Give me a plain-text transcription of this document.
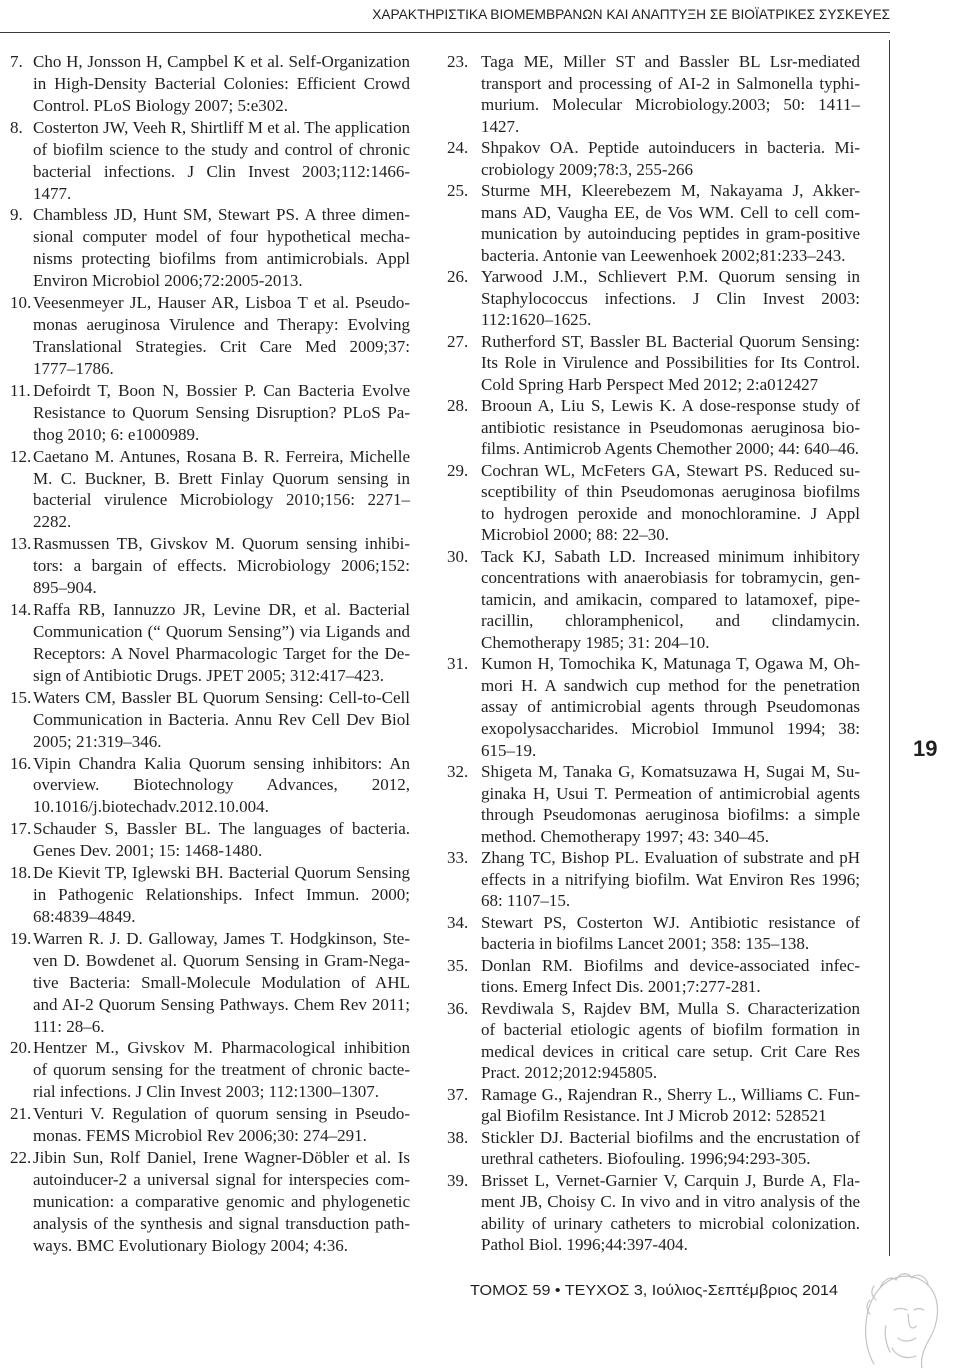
ΧΑΡΑΚΤΗΡΙΣΤΙΚΑ ΒΙΟΜΕΜΒΡΑΝΩΝ ΚΑΙ ΑΝΑΠΤΥΞΗ ΣΕ ΒΙΟΪΑΤΡΙΚΕΣ ΣΥΣΚΕΥΕΣ
7. Cho H, Jonsson H, Campbel K et al. Self-Organization
in High-Density Bacterial Colonies: Efficient Crowd
Control. PLoS Biology 2007; 5:e302.
8. Costerton JW, Veeh R, Shirtliff M et al. The application
of biofilm science to the study and control of chronic
bacterial infections. J Clin Invest 2003;112:1466-
1477.
9. Chambless JD, Hunt SM, Stewart PS. A three dimen-
sional computer model of four hypothetical mecha-
nisms protecting biofilms from antimicrobials. Appl
Environ Microbiol 2006;72:2005-2013.
10. Veesenmeyer JL, Hauser AR, Lisboa T et al. Pseudo-
monas aeruginosa Virulence and Therapy: Evolving
Translational Strategies. Crit Care Med 2009;37:
1777–1786.
11. Defoirdt T, Boon N, Bossier P. Can Bacteria Evolve
Resistance to Quorum Sensing Disruption? PLoS Pa-
thog 2010; 6: e1000989.
12. Caetano M. Antunes, Rosana B. R. Ferreira, Michelle
M. C. Buckner, B. Brett Finlay Quorum sensing in
bacterial virulence Microbiology 2010;156: 2271–
2282.
13. Rasmussen TB, Givskov M. Quorum sensing inhibi-
tors: a bargain of effects. Microbiology 2006;152:
895–904.
14. Raffa RB, Iannuzzo JR, Levine DR, et al. Bacterial
Communication (“ Quorum Sensing”) via Ligands and
Receptors: A Novel Pharmacologic Target for the De-
sign of Antibiotic Drugs. JPET 2005; 312:417–423.
15. Waters CM, Bassler BL Quorum Sensing: Cell-to-Cell
Communication in Bacteria. Annu Rev Cell Dev Biol
2005; 21:319–346.
16. Vipin Chandra Kalia Quorum sensing inhibitors: An
overview. Biotechnology Advances, 2012,
10.1016/j.biotechadv.2012.10.004.
17. Schauder S, Bassler BL. The languages of bacteria.
Genes Dev. 2001; 15: 1468-1480.
18. De Kievit TP, Iglewski BH. Bacterial Quorum Sensing
in Pathogenic Relationships. Infect Immun. 2000;
68:4839–4849.
19. Warren R. J. D. Galloway, James T. Hodgkinson, Ste-
ven D. Bowdenet al. Quorum Sensing in Gram-Nega-
tive Bacteria: Small-Molecule Modulation of AHL
and AI-2 Quorum Sensing Pathways. Chem Rev 2011;
111: 28–6.
20. Hentzer M., Givskov M. Pharmacological inhibition
of quorum sensing for the treatment of chronic bacte-
rial infections. J Clin Invest 2003; 112:1300–1307.
21. Venturi V. Regulation of quorum sensing in Pseudo-
monas. FEMS Microbiol Rev 2006;30: 274–291.
22. Jibin Sun, Rolf Daniel, Irene Wagner-Döbler et al. Is
autoinducer-2 a universal signal for interspecies com-
munication: a comparative genomic and phylogenetic
analysis of the synthesis and signal transduction path-
ways. BMC Evolutionary Biology 2004; 4:36.
23. Taga ME, Miller ST and Bassler BL Lsr-mediated
transport and processing of AI-2 in Salmonella typhi-
murium. Molecular Microbiology.2003; 50: 1411–
1427.
24. Shpakov OA. Peptide autoinducers in bacteria. Mi-
crobiology 2009;78:3, 255-266
25. Sturme MH, Kleerebezem M, Nakayama J, Akker-
mans AD, Vaugha EE, de Vos WM. Cell to cell com-
munication by autoinducing peptides in gram-positive
bacteria. Antonie van Leewenhoek 2002;81:233–243.
26. Yarwood J.M., Schlievert P.M. Quorum sensing in
Staphylococcus infections. J Clin Invest 2003:
112:1620–1625.
27. Rutherford ST, Bassler BL Bacterial Quorum Sensing:
Its Role in Virulence and Possibilities for Its Control.
Cold Spring Harb Perspect Med 2012; 2:a012427
28. Brooun A, Liu S, Lewis K. A dose-response study of
antibiotic resistance in Pseudomonas aeruginosa bio-
films. Antimicrob Agents Chemother 2000; 44: 640–46.
29. Cochran WL, McFeters GA, Stewart PS. Reduced su-
sceptibility of thin Pseudomonas aeruginosa biofilms
to hydrogen peroxide and monochloramine. J Appl
Microbiol 2000; 88: 22–30.
30. Tack KJ, Sabath LD. Increased minimum inhibitory
concentrations with anaerobiasis for tobramycin, gen-
tamicin, and amikacin, compared to latamoxef, pipe-
racillin, chloramphenicol, and clindamycin.
Chemotherapy 1985; 31: 204–10.
31. Kumon H, Tomochika K, Matunaga T, Ogawa M, Oh-
mori H. A sandwich cup method for the penetration
assay of antimicrobial agents through Pseudomonas
exopolysaccharides. Microbiol Immunol 1994; 38:
615–19.
32. Shigeta M, Tanaka G, Komatsuzawa H, Sugai M, Su-
ginaka H, Usui T. Permeation of antimicrobial agents
through Pseudomonas aeruginosa biofilms: a simple
method. Chemotherapy 1997; 43: 340–45.
33. Zhang TC, Bishop PL. Evaluation of substrate and pH
effects in a nitrifying biofilm. Wat Environ Res 1996;
68: 1107–15.
34. Stewart PS, Costerton WJ. Antibiotic resistance of
bacteria in biofilms Lancet 2001; 358: 135–138.
35. Donlan RM. Biofilms and device-associated infec-
tions. Emerg Infect Dis. 2001;7:277-281.
36. Revdiwala S, Rajdev BM, Mulla S. Characterization
of bacterial etiologic agents of biofilm formation in
medical devices in critical care setup. Crit Care Res
Pract. 2012;2012:945805.
37. Ramage G., Rajendran R., Sherry L., Williams C. Fun-
gal Biofilm Resistance. Int J Microb 2012: 528521
38. Stickler DJ. Bacterial biofilms and the encrustation of
urethral catheters. Biofouling. 1996;94:293-305.
39. Brisset L, Vernet-Garnier V, Carquin J, Burde A, Fla-
ment JB, Choisy C. In vivo and in vitro analysis of the
ability of urinary catheters to microbial colonization.
Pathol Biol. 1996;44:397-404.
19
ΤΟΜΟΣ 59 • ΤΕΥΧΟΣ 3, Ιούλιος-Σεπτέμβριος 2014
